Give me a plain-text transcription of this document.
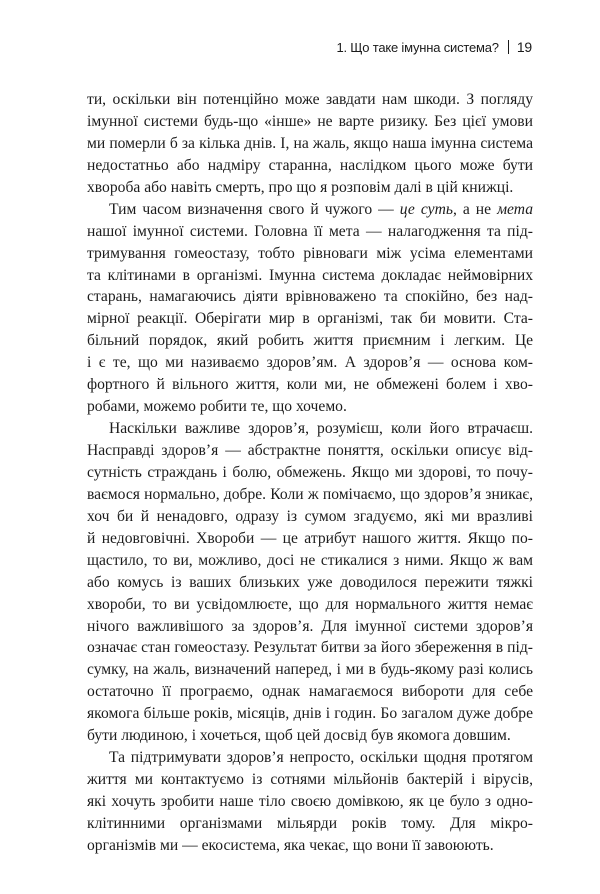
1. Що таке імунна система? 19
ти, оскільки він потенційно може завдати нам шкоди. З погляду
імунної системи будь-що «інше» не варте ризику. Без цієї умови
ми померли б за кілька днів. І, на жаль, якщо наша імунна система
недостатньо або надміру старанна, наслідком цього може бути
хвороба або навіть смерть, про що я розповім далі в цій книжці.
Тим часом визначення свого й чужого — це суть, а не мета
нашої імунної системи. Головна її мета — налагодження та під-
тримування гомеостазу, тобто рівноваги між усіма елементами
та клітинами в організмі. Імунна система докладає неймовірних
старань, намагаючись діяти врівноважено та спокійно, без над-
мірної реакції. Оберігати мир в організмі, так би мовити. Ста-
більний порядок, який робить життя приємним і легким. Це
і є те, що ми називаємо здоров’ям. А здоров’я — основа ком-
фортного й вільного життя, коли ми, не обмежені болем і хво-
робами, можемо робити те, що хочемо.
Наскільки важливе здоров’я, розумієш, коли його втрачаєш.
Насправді здоров’я — абстрактне поняття, оскільки описує від-
сутність страждань і болю, обмежень. Якщо ми здорові, то почу-
ваємося нормально, добре. Коли ж помічаємо, що здоров’я зникає,
хоч би й ненадовго, одразу із сумом згадуємо, які ми вразливі
й недовговічні. Хвороби — це атрибут нашого життя. Якщо по-
щастило, то ви, можливо, досі не стикалися з ними. Якщо ж вам
або комусь із ваших близьких уже доводилося пережити тяжкі
хвороби, то ви усвідомлюєте, що для нормального життя немає
нічого важливішого за здоров’я. Для імунної системи здоров’я
означає стан гомеостазу. Результат битви за його збереження в під-
сумку, на жаль, визначений наперед, і ми в будь-якому разі колись
остаточно її програємо, однак намагаємося вибороти для себе
якомога більше років, місяців, днів і годин. Бо загалом дуже добре
бути людиною, і хочеться, щоб цей досвід був якомога довшим.
Та підтримувати здоров’я непросто, оскільки щодня протягом
життя ми контактуємо із сотнями мільйонів бактерій і вірусів,
які хочуть зробити наше тіло своєю домівкою, як це було з одно-
клітинними організмами мільярди років тому. Для мікро-
організмів ми — екосистема, яка чекає, що вони її завоюють.
